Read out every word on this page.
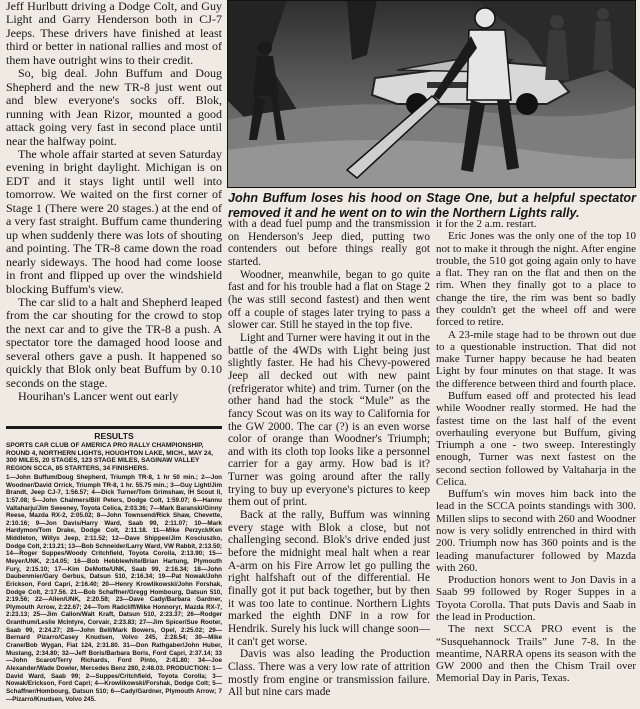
Jeff Hurlbutt driving a Dodge Colt, and Guy Light and Garry Henderson both in CJ-7 Jeeps. These drivers have finished at least third or better in national rallies and most of them have outright wins to their credit.

So, big deal. John Buffum and Doug Shepherd and the new TR-8 just went out and blew everyone's socks off. Blok, running with Jean Rizor, mounted a good attack going very fast in second place until near the halfway point.

The whole affair started at seven Saturday evening in bright daylight. Michigan is on EDT and it stays light until well into tomorrow. We waited on the first corner of Stage 1 (There were 20 stages.) at the end of a very fast straight. Buffum came thundering up when suddenly there was lots of shouting and pointing. The TR-8 came down the road nearly sideways. The hood had come loose in front and flipped up over the windshield blocking Buffum's view.

The car slid to a halt and Shepherd leaped from the car shouting for the crowd to stop the next car and to give the TR-8 a push. A spectator tore the damaged hood loose and several others gave a push. It happened so quickly that Blok only beat Buffum by 0.10 seconds on the stage.

Hourihan's Lancer went out early

RESULTS
SPORTS CAR CLUB OF AMERICA PRO RALLY CHAMPIONSHIP, ROUND 4, NORTHERN LIGHTS, HOUGHTON LAKE, MICH., MAY 24, 300 MILES, 20 STAGES, 123 STAGE MILES, SAGINAW VALLEY REGION SCCA, 85 STARTERS, 34 FINISHERS.
1—John Buffum/Doug Shepherd, Triumph TR-8, 1 hr 50 min.; 2—Jon Woodner/David Orrick, Triumph TR-8, 1 hr. 55.75 min.; 3—Guy Light/Jim Brandt, Jeep CJ-7, 1:56.57; 4—Dick Turner/Tom Grimshaw, IH Scout II, 1:57.08; 5—John Chalmers/Bill Peters, Dodge Colt, 1:59.07; 6—Hannu Valtaharju/Jim Sweeney, Toyota Celica, 2:03.36; 7—Mark Baranski/Ginny Reese, Mazda RX-2, 2:05.02; 8—John Townsend/Rick Shaw, Chevette, 2:10.16; 9—Jon Davis/Harry Ward, Saab 99, 2:11.07; 10—Mark Hardymon/Tom Drake, Dodge Colt, 2:11.18. 11—Mike Perzyck/Ken Middleton, Willys Jeep, 2:11.52; 12—Dave Shippee/Jim Kosciuszko, Dodge Colt, 2:13.21; 13—Bob Schneider/Larry Ward, VW Rabbit, 2:13.50; 14—Roger Suppes/Woody Critchfield, Toyota Corolla, 2:13.90; 15—Meyer/UNK, 2:14.05; 16—Bob Hebblewhite/Brian Hartung, Plymouth Fury, 2:15.10; 17—Kim DeMotte/UNK, Saab 99, 2:16.34; 18—John Daubenmier/Gary Gerbus, Datsun 510, 2:16.34; 19—Pat Nowak/John Erickson, Ford Capri, 2:16.40; 20—Henry Krowlikowski/John Forshak, Dodge Colt, 2:17.56. 21—Bob Schaffner/Gregg Hombourg, Datsun 510, 2:19.56; 22—Allen/UNK, 2:20.58; 23—Dave Cady/Barbara Gardner, Plymouth Arrow, 2:22.67; 24—Tom Radcliff/Mike Honnoryr, Mazda RX-7, 2:23.13; 25—Jim Callon/Walt Kraft, Datsun 510, 2:23.37; 26—Rodger Granthum/Leslie McIntyre, Corvair, 2:23.83; 27—Jim Spicer/Sue Rooter, Saab 99, 2:24.27; 28—John Bell/Mark Bowers, Opel, 2:25.02; 29—Bernard Pizarro/Casey Knudsen, Volvo 245, 2:28.54; 30—Mike Crane/Bob Wygan, Fiat 124, 2:31.80. 31—Don Rathgaber/John Huber, Mustang, 2:34.80; 32—Jeff Boris/Barbara Boris, Ford Capri, 2:37.14; 33—John Scarot/Terry Richards, Ford Pinto, 2:41.80; 34—Joe Alexander/Wade Dowler, Mercedes Benz 280, 2:48.03. PRODUCTION: 1—David Ward, Saab 99; 2—Suppes/Critchfield, Toyota Corolla; 3—Nowak/Erickson, Ford Capri; 4—Krowlikowski/Forshak, Dodge Colt; 5—Schaffner/Hombourg, Datsun 510; 6—Cady/Gardner, Plymouth Arrow; 7—Pizarro/Knudsen, Volvo 245.
John Buffum loses his hood on Stage One, but a helpful spectator removed it and he went on to win the Northern Lights rally.

with a dead fuel pump and the transmission on Henderson's Jeep died, putting two contenders out before things really got started.

Woodner, meanwhile, began to go quite fast and for his trouble had a flat on Stage 2 (he was still second fastest) and then went off a couple of stages later trying to pass a slower car. Still he stayed in the top five.

Light and Turner were having it out in the battle of the 4WDs with Light being just slightly faster. He had his Chevy-powered Jeep all decked out with new paint (refrigerator white) and trim. Turner (on the other hand had the stock “Mule” as the fancy Scout was on its way to California for the GW 2000. The car (?) is an even worse color of orange than Woodner's Triumph; and with its cloth top looks like a personnel carrier for a gay army. How bad is it? Turner was going around after the rally trying to buy up everyone's pictures to keep them out of print.

Back at the rally, Buffum was winning every stage with Blok a close, but not challenging second. Blok's drive ended just before the midnight meal halt when a rear A-arm on his Fire Arrow let go pulling the right halfshaft out of the differential. He finally got it put back together, but by then it was too late to continue. Northern Lights marked the eighth DNF in a row for Hendrik. Surely his luck will change soon—it can't get worse.

Davis was also leading the Production Class. There was a very low rate of attrition mostly from engine or transmission failure. All but nine cars made

it for the 2 a.m. restart.

Eric Jones was the only one of the top 10 not to make it through the night. After engine trouble, the 510 got going again only to have a flat. They ran on the flat and then on the rim. When they finally got to a place to change the tire, the rim was bent so badly they couldn't get the wheel off and were forced to retire.

A 23-mile stage had to be thrown out due to a questionable instruction. That did not make Turner happy because he had beaten Light by four minutes on that stage. It was the difference between third and fourth place.

Buffum eased off and protected his lead while Woodner really stormed. He had the fastest time on the last half of the event overhauling everyone but Buffum, giving Triumph a one - two sweep. Interestingly enough, Turner was next fastest on the second section followed by Valtaharja in the Celica.

Buffum's win moves him back into the lead in the SCCA points standings with 300. Millen slips to second with 260 and Woodner now is very solidly entrenched in third with 200. Triumph now has 360 points and is the leading manufacturer followed by Mazda with 260.

Production honors went to Jon Davis in a Saab 99 followed by Roger Suppes in a Toyota Corolla. That puts Davis and Saab in the lead in Production.

The next SCCA PRO event is the “Susquehannock Trails” June 7-8. In the meantime, NARRA opens its season with the GW 2000 and then the Chism Trail over Memorial Day in Paris, Texas.
